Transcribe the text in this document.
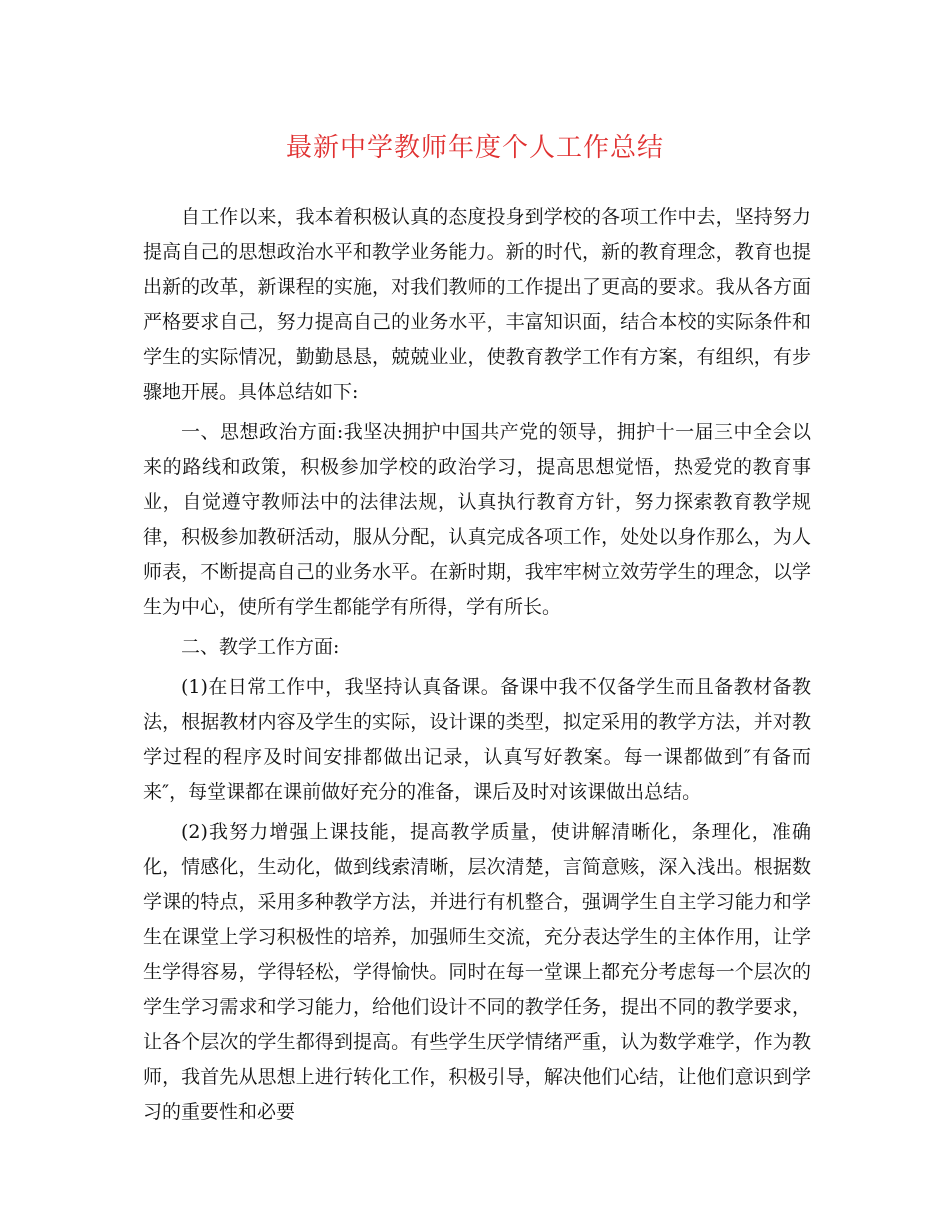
最新中学教师年度个人工作总结

自工作以来，我本着积极认真的态度投身到学校的各项工作中去，坚持努力提高自己的思想政治水平和教学业务能力。新的时代，新的教育理念，教育也提出新的改革，新课程的实施，对我们教师的工作提出了更高的要求。我从各方面严格要求自己，努力提高自己的业务水平，丰富知识面，结合本校的实际条件和学生的实际情况，勤勤恳恳，兢兢业业，使教育教学工作有方案，有组织，有步骤地开展。具体总结如下:

一、思想政治方面:我坚决拥护中国共产党的领导，拥护十一届三中全会以来的路线和政策，积极参加学校的政治学习，提高思想觉悟，热爱党的教育事业，自觉遵守教师法中的法律法规，认真执行教育方针，努力探索教育教学规律，积极参加教研活动，服从分配，认真完成各项工作，处处以身作那么，为人师表，不断提高自己的业务水平。在新时期，我牢牢树立效劳学生的理念，以学生为中心，使所有学生都能学有所得，学有所长。

二、教学工作方面:

(1)在日常工作中，我坚持认真备课。备课中我不仅备学生而且备教材备教法，根据教材内容及学生的实际，设计课的类型，拟定采用的教学方法，并对教学过程的程序及时间安排都做出记录，认真写好教案。每一课都做到″有备而来″，每堂课都在课前做好充分的准备，课后及时对该课做出总结。

(2)我努力增强上课技能，提高教学质量，使讲解清晰化，条理化，准确化，情感化，生动化，做到线索清晰，层次清楚，言简意赅，深入浅出。根据数学课的特点，采用多种教学方法，并进行有机整合，强调学生自主学习能力和学生在课堂上学习积极性的培养，加强师生交流，充分表达学生的主体作用，让学生学得容易，学得轻松，学得愉快。同时在每一堂课上都充分考虑每一个层次的学生学习需求和学习能力，给他们设计不同的教学任务，提出不同的教学要求，让各个层次的学生都得到提高。有些学生厌学情绪严重，认为数学难学，作为教师，我首先从思想上进行转化工作，积极引导，解决他们心结，让他们意识到学习的重要性和必要
